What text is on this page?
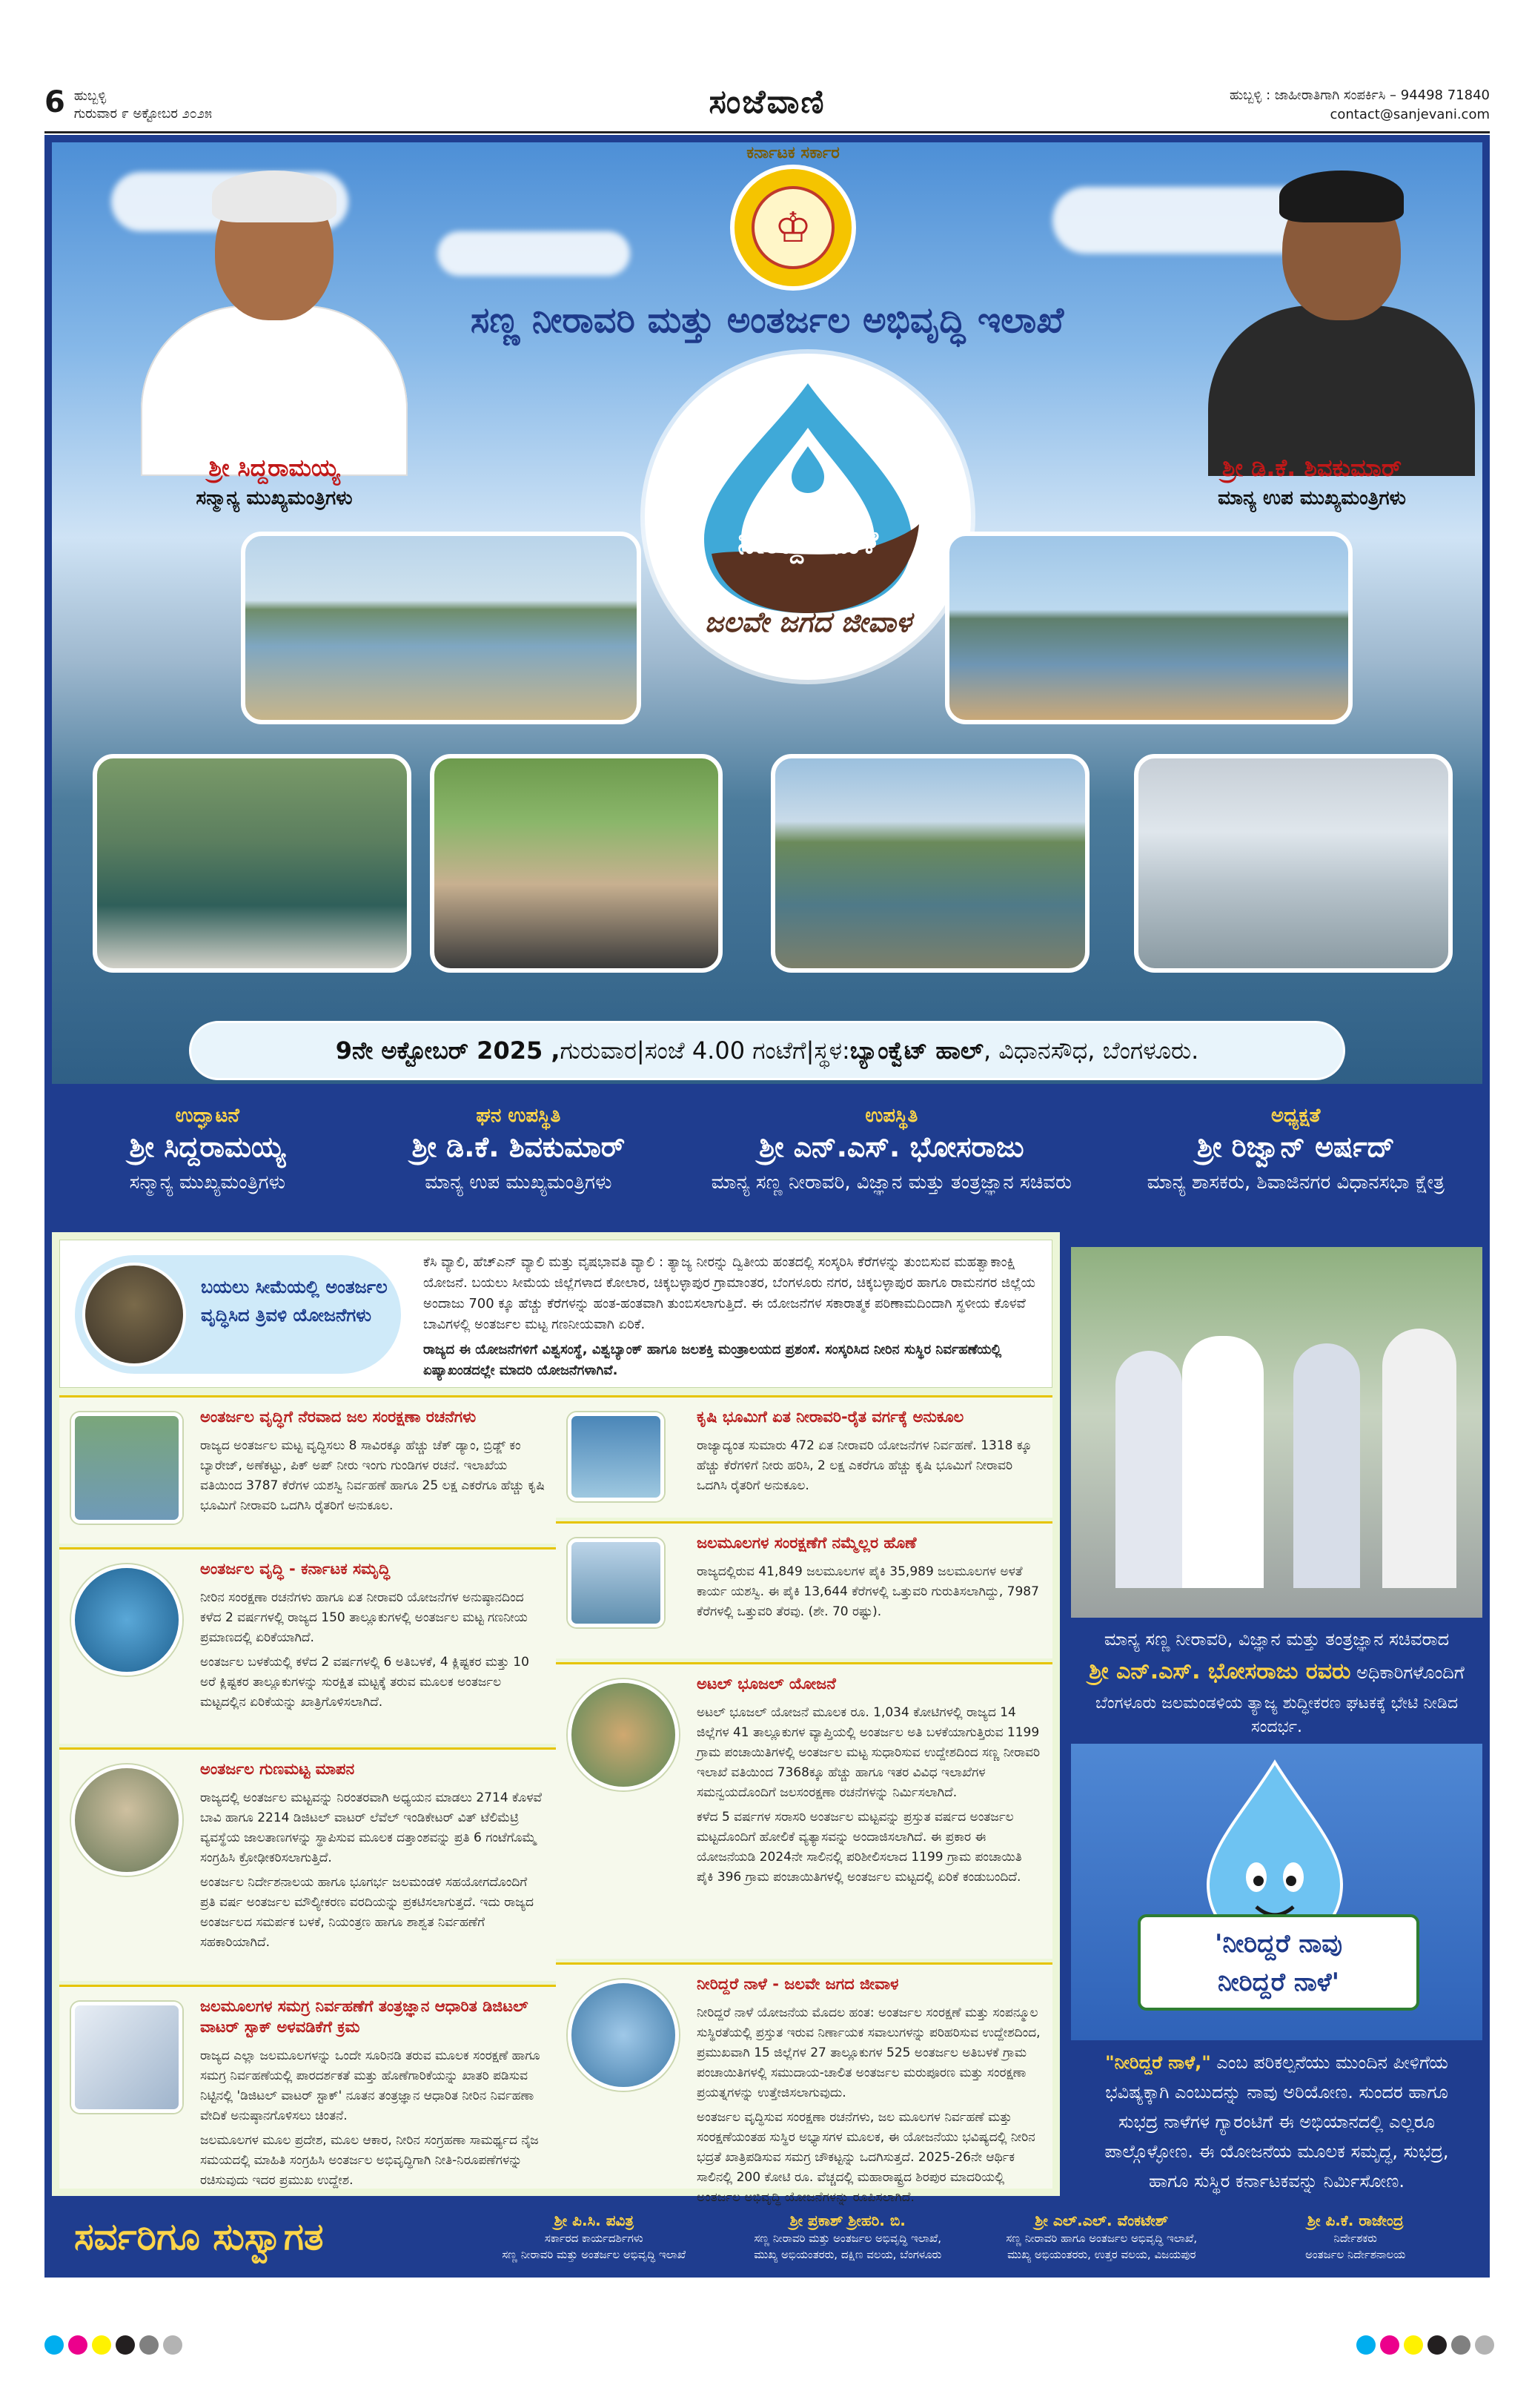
6 ಹುಬ್ಬಳ್ಳಿ
ಗುರುವಾರ ೯ ಅಕ್ಟೋಬರ ೨೦೨೫	ಸಂಜೆವಾಣಿ	ಹುಬ್ಬಳ್ಳಿ : ಜಾಹೀರಾತಿಗಾಗಿ ಸಂಪರ್ಕಿಸಿ – 94498 71840
contact@sanjevani.com
♔
ಕರ್ನಾಟಕ ಸರ್ಕಾರ
ಸಣ್ಣ ನೀರಾವರಿ ಮತ್ತು ಅಂತರ್ಜಲ ಅಭಿವೃದ್ಧಿ ಇಲಾಖೆ
ಶ್ರೀ ಸಿದ್ದರಾಮಯ್ಯ
ಸನ್ಮಾನ್ಯ ಮುಖ್ಯಮಂತ್ರಿಗಳು
ಶ್ರೀ ಡಿ.ಕೆ. ಶಿವಕುಮಾರ್
ಮಾನ್ಯ ಉಪ ಮುಖ್ಯಮಂತ್ರಿಗಳು
ನೀರಿದ್ದರೆ ನಾಳೆ
ಜಲವೇ ಜಗದ ಜೀವಾಳ
9ನೇ ಅಕ್ಟೋಬರ್ 2025 , ಗುರುವಾರ | ಸಂಜೆ 4.00 ಗಂಟೆಗೆ | ಸ್ಥಳ: ಬ್ಯಾಂಕ್ವೆಟ್ ಹಾಲ್ , ವಿಧಾನಸೌಧ, ಬೆಂಗಳೂರು.
ಉದ್ಘಾಟನೆ
ಶ್ರೀ ಸಿದ್ದರಾಮಯ್ಯ
ಸನ್ಮಾನ್ಯ ಮುಖ್ಯಮಂತ್ರಿಗಳು
ಘನ ಉಪಸ್ಥಿತಿ
ಶ್ರೀ ಡಿ.ಕೆ. ಶಿವಕುಮಾರ್
ಮಾನ್ಯ ಉಪ ಮುಖ್ಯಮಂತ್ರಿಗಳು
ಉಪಸ್ಥಿತಿ
ಶ್ರೀ ಎನ್.ಎಸ್. ಭೋಸರಾಜು
ಮಾನ್ಯ ಸಣ್ಣ ನೀರಾವರಿ, ವಿಜ್ಞಾನ ಮತ್ತು ತಂತ್ರಜ್ಞಾನ ಸಚಿವರು
ಅಧ್ಯಕ್ಷತೆ
ಶ್ರೀ ರಿಜ್ವಾನ್ ಅರ್ಷದ್
ಮಾನ್ಯ ಶಾಸಕರು, ಶಿವಾಜಿನಗರ ವಿಧಾನಸಭಾ ಕ್ಷೇತ್ರ
ಬಯಲು ಸೀಮೆಯಲ್ಲಿ ಅಂತರ್ಜಲ ವೃದ್ಧಿಸಿದ ತ್ರಿವಳಿ ಯೋಜನೆಗಳು

ಕೆಸಿ ವ್ಯಾಲಿ, ಹೆಚ್‌ಎನ್ ವ್ಯಾಲಿ ಮತ್ತು ವೃಷಭಾವತಿ ವ್ಯಾಲಿ : ತ್ಯಾಜ್ಯ ನೀರನ್ನು ದ್ವಿತೀಯ ಹಂತದಲ್ಲಿ ಸಂಸ್ಕರಿಸಿ ಕೆರೆಗಳನ್ನು ತುಂಬಿಸುವ ಮಹತ್ವಾಕಾಂಕ್ಷಿ ಯೋಜನೆ. ಬಯಲು ಸೀಮೆಯ ಜಿಲ್ಲೆಗಳಾದ ಕೋಲಾರ, ಚಿಕ್ಕಬಳ್ಳಾಪುರ ಗ್ರಾಮಾಂತರ, ಬೆಂಗಳೂರು ನಗರ, ಚಿಕ್ಕಬಳ್ಳಾಪುರ ಹಾಗೂ ರಾಮನಗರ ಜಿಲ್ಲೆಯ ಅಂದಾಜು 700 ಕ್ಕೂ ಹೆಚ್ಚು ಕೆರೆಗಳನ್ನು ಹಂತ-ಹಂತವಾಗಿ ತುಂಬಿಸಲಾಗುತ್ತಿದೆ. ಈ ಯೋಜನೆಗಳ ಸಕಾರಾತ್ಮಕ ಪರಿಣಾಮದಿಂದಾಗಿ ಸ್ಥಳೀಯ ಕೊಳವೆ ಬಾವಿಗಳಲ್ಲಿ ಅಂತರ್ಜಲ ಮಟ್ಟ ಗಣನೀಯವಾಗಿ ಏರಿಕೆ.

ರಾಜ್ಯದ ಈ ಯೋಜನೆಗಳಿಗೆ ವಿಶ್ವಸಂಸ್ಥೆ, ವಿಶ್ವಬ್ಯಾಂಕ್ ಹಾಗೂ ಜಲಶಕ್ತಿ ಮಂತ್ರಾಲಯದ ಪ್ರಶಂಸೆ. ಸಂಸ್ಕರಿಸಿದ ನೀರಿನ ಸುಸ್ಥಿರ ನಿರ್ವಹಣೆಯಲ್ಲಿ ಏಷ್ಯಾಖಂಡದಲ್ಲೇ ಮಾದರಿ ಯೋಜನೆಗಳಾಗಿವೆ.

ಅಂತರ್ಜಲ ವೃದ್ಧಿಗೆ ನೆರವಾದ ಜಲ ಸಂರಕ್ಷಣಾ ರಚನೆಗಳು

ರಾಜ್ಯದ ಅಂತರ್ಜಲ ಮಟ್ಟ ವೃದ್ಧಿಸಲು 8 ಸಾವಿರಕ್ಕೂ ಹೆಚ್ಚು ಚೆಕ್ ಡ್ಯಾಂ, ಬ್ರಿಡ್ಜ್ ಕಂ ಬ್ಯಾರೇಜ್, ಅಣೆಕಟ್ಟು, ಪಿಕ್ ಅಪ್ ನೀರು ಇಂಗು ಗುಂಡಿಗಳ ರಚನೆ. ಇಲಾಖೆಯ ವತಿಯಿಂದ 3787 ಕೆರೆಗಳ ಯಶಸ್ವಿ ನಿರ್ವಹಣೆ ಹಾಗೂ 25 ಲಕ್ಷ ಎಕರೆಗೂ ಹೆಚ್ಚು ಕೃಷಿ ಭೂಮಿಗೆ ನೀರಾವರಿ ಒದಗಿಸಿ ರೈತರಿಗೆ ಅನುಕೂಲ.

ಅಂತರ್ಜಲ ವೃದ್ಧಿ - ಕರ್ನಾಟಕ ಸಮೃದ್ಧಿ

ನೀರಿನ ಸಂರಕ್ಷಣಾ ರಚನೆಗಳು ಹಾಗೂ ಏತ ನೀರಾವರಿ ಯೋಜನೆಗಳ ಅನುಷ್ಠಾನದಿಂದ ಕಳೆದ 2 ವರ್ಷಗಳಲ್ಲಿ ರಾಜ್ಯದ 150 ತಾಲ್ಲೂಕುಗಳಲ್ಲಿ ಅಂತರ್ಜಲ ಮಟ್ಟ ಗಣನೀಯ ಪ್ರಮಾಣದಲ್ಲಿ ಏರಿಕೆಯಾಗಿದೆ.

ಅಂತರ್ಜಲ ಬಳಕೆಯಲ್ಲಿ ಕಳೆದ 2 ವರ್ಷಗಳಲ್ಲಿ 6 ಅತಿಬಳಕೆ, 4 ಕ್ಲಿಷ್ಟಕರ ಮತ್ತು 10 ಅರೆ ಕ್ಲಿಷ್ಟಕರ ತಾಲ್ಲೂಕುಗಳನ್ನು ಸುರಕ್ಷಿತ ಮಟ್ಟಕ್ಕೆ ತರುವ ಮೂಲಕ ಅಂತರ್ಜಲ ಮಟ್ಟದಲ್ಲಿನ ಏರಿಕೆಯನ್ನು ಖಾತ್ರಿಗೊಳಿಸಲಾಗಿದೆ.

ಅಂತರ್ಜಲ ಗುಣಮಟ್ಟ ಮಾಪನ

ರಾಜ್ಯದಲ್ಲಿ ಅಂತರ್ಜಲ ಮಟ್ಟವನ್ನು ನಿರಂತರವಾಗಿ ಅಧ್ಯಯನ ಮಾಡಲು 2714 ಕೊಳವೆ ಬಾವಿ ಹಾಗೂ 2214 ಡಿಜಿಟಲ್ ವಾಟರ್ ಲೆವೆಲ್ ಇಂಡಿಕೇಟರ್ ವಿತ್ ಟೆಲಿಮೆಟ್ರಿ ವ್ಯವಸ್ಥೆಯ ಜಾಲತಾಣಗಳನ್ನು ಸ್ಥಾಪಿಸುವ ಮೂಲಕ ದತ್ತಾಂಶವನ್ನು ಪ್ರತಿ 6 ಗಂಟೆಗೊಮ್ಮೆ ಸಂಗ್ರಹಿಸಿ ಕ್ರೋಢೀಕರಿಸಲಾಗುತ್ತಿದೆ.

ಅಂತರ್ಜಲ ನಿರ್ದೇಶನಾಲಯ ಹಾಗೂ ಭೂಗರ್ಭ ಜಲಮಂಡಳಿ ಸಹಯೋಗದೊಂದಿಗೆ ಪ್ರತಿ ವರ್ಷ ಅಂತರ್ಜಲ ಮೌಲ್ಯೀಕರಣ ವರದಿಯನ್ನು ಪ್ರಕಟಿಸಲಾಗುತ್ತದೆ. ಇದು ರಾಜ್ಯದ ಅಂತರ್ಜಲದ ಸಮರ್ಪಕ ಬಳಕೆ, ನಿಯಂತ್ರಣ ಹಾಗೂ ಶಾಶ್ವತ ನಿರ್ವಹಣೆಗೆ ಸಹಕಾರಿಯಾಗಿದೆ.

ಜಲಮೂಲಗಳ ಸಮಗ್ರ ನಿರ್ವಹಣೆಗೆ ತಂತ್ರಜ್ಞಾನ ಆಧಾರಿತ ಡಿಜಿಟಲ್ ವಾಟರ್ ಸ್ಟಾಕ್ ಅಳವಡಿಕೆಗೆ ಕ್ರಮ

ರಾಜ್ಯದ ಎಲ್ಲಾ ಜಲಮೂಲಗಳನ್ನು ಒಂದೇ ಸೂರಿನಡಿ ತರುವ ಮೂಲಕ ಸಂರಕ್ಷಣೆ ಹಾಗೂ ಸಮಗ್ರ ನಿರ್ವಹಣೆಯಲ್ಲಿ ಪಾರದರ್ಶಕತೆ ಮತ್ತು ಹೊಣೆಗಾರಿಕೆಯನ್ನು ಖಾತರಿ ಪಡಿಸುವ ನಿಟ್ಟಿನಲ್ಲಿ 'ಡಿಜಿಟಲ್ ವಾಟರ್ ಸ್ಟಾಕ್' ನೂತನ ತಂತ್ರಜ್ಞಾನ ಆಧಾರಿತ ನೀರಿನ ನಿರ್ವಹಣಾ ವೇದಿಕೆ ಅನುಷ್ಠಾನಗೊಳಿಸಲು ಚಿಂತನೆ.

ಜಲಮೂಲಗಳ ಮೂಲ ಪ್ರದೇಶ, ಮೂಲ ಆಕಾರ, ನೀರಿನ ಸಂಗ್ರಹಣಾ ಸಾಮರ್ಥ್ಯದ ನೈಜ ಸಮಯದಲ್ಲಿ ಮಾಹಿತಿ ಸಂಗ್ರಹಿಸಿ ಅಂತರ್ಜಲ ಅಭಿವೃದ್ಧಿಗಾಗಿ ನೀತಿ-ನಿರೂಪಣೆಗಳನ್ನು ರಚಿಸುವುದು ಇದರ ಪ್ರಮುಖ ಉದ್ದೇಶ.

ಕೃಷಿ ಭೂಮಿಗೆ ಏತ ನೀರಾವರಿ-ರೈತ ವರ್ಗಕ್ಕೆ ಅನುಕೂಲ

ರಾಜ್ಯಾದ್ಯಂತ ಸುಮಾರು 472 ಏತ ನೀರಾವರಿ ಯೋಜನೆಗಳ ನಿರ್ವಹಣೆ. 1318 ಕ್ಕೂ ಹೆಚ್ಚು ಕೆರೆಗಳಿಗೆ ನೀರು ಹರಿಸಿ, 2 ಲಕ್ಷ ಎಕರೆಗೂ ಹೆಚ್ಚು ಕೃಷಿ ಭೂಮಿಗೆ ನೀರಾವರಿ ಒದಗಿಸಿ ರೈತರಿಗೆ ಅನುಕೂಲ.

ಜಲಮೂಲಗಳ ಸಂರಕ್ಷಣೆಗೆ ನಮ್ಮೆಲ್ಲರ ಹೊಣೆ

ರಾಜ್ಯದಲ್ಲಿರುವ 41,849 ಜಲಮೂಲಗಳ ಪೈಕಿ 35,989 ಜಲಮೂಲಗಳ ಅಳತೆ ಕಾರ್ಯ ಯಶಸ್ವಿ. ಈ ಪೈಕಿ 13,644 ಕೆರೆಗಳಲ್ಲಿ ಒತ್ತುವರಿ ಗುರುತಿಸಲಾಗಿದ್ದು, 7987 ಕೆರೆಗಳಲ್ಲಿ ಒತ್ತುವರಿ ತೆರವು. (ಶೇ. 70 ರಷ್ಟು).

ಅಟಲ್ ಭೂಜಲ್ ಯೋಜನೆ

ಅಟಲ್ ಭೂಜಲ್ ಯೋಜನೆ ಮೂಲಕ ರೂ. 1,034 ಕೋಟಿಗಳಲ್ಲಿ ರಾಜ್ಯದ 14 ಜಿಲ್ಲೆಗಳ 41 ತಾಲ್ಲೂಕುಗಳ ವ್ಯಾಪ್ತಿಯಲ್ಲಿ ಅಂತರ್ಜಲ ಅತಿ ಬಳಕೆಯಾಗುತ್ತಿರುವ 1199 ಗ್ರಾಮ ಪಂಚಾಯಿತಿಗಳಲ್ಲಿ ಅಂತರ್ಜಲ ಮಟ್ಟ ಸುಧಾರಿಸುವ ಉದ್ದೇಶದಿಂದ ಸಣ್ಣ ನೀರಾವರಿ ಇಲಾಖೆ ವತಿಯಿಂದ 7368ಕ್ಕೂ ಹೆಚ್ಚು ಹಾಗೂ ಇತರ ವಿವಿಧ ಇಲಾಖೆಗಳ ಸಮನ್ವಯದೊಂದಿಗೆ ಜಲಸಂರಕ್ಷಣಾ ರಚನೆಗಳನ್ನು ನಿರ್ಮಿಸಲಾಗಿದೆ.

ಕಳೆದ 5 ವರ್ಷಗಳ ಸರಾಸರಿ ಅಂತರ್ಜಲ ಮಟ್ಟವನ್ನು ಪ್ರಸ್ತುತ ವರ್ಷದ ಅಂತರ್ಜಲ ಮಟ್ಟದೊಂದಿಗೆ ಹೋಲಿಕೆ ವ್ಯತ್ಯಾಸವನ್ನು ಅಂದಾಜಿಸಲಾಗಿದೆ. ಈ ಪ್ರಕಾರ ಈ ಯೋಜನೆಯಡಿ 2024ನೇ ಸಾಲಿನಲ್ಲಿ ಪರಿಶೀಲಿಸಲಾದ 1199 ಗ್ರಾಮ ಪಂಚಾಯಿತಿ ಪೈಕಿ 396 ಗ್ರಾಮ ಪಂಚಾಯಿತಿಗಳಲ್ಲಿ ಅಂತರ್ಜಲ ಮಟ್ಟದಲ್ಲಿ ಏರಿಕೆ ಕಂಡುಬಂದಿದೆ.

ನೀರಿದ್ದರೆ ನಾಳೆ - ಜಲವೇ ಜಗದ ಜೀವಾಳ

ನೀರಿದ್ದರೆ ನಾಳೆ ಯೋಜನೆಯ ಮೊದಲ ಹಂತ: ಅಂತರ್ಜಲ ಸಂರಕ್ಷಣೆ ಮತ್ತು ಸಂಪನ್ಮೂಲ ಸುಸ್ಥಿರತೆಯಲ್ಲಿ ಪ್ರಸ್ತುತ ಇರುವ ನಿರ್ಣಾಯಕ ಸವಾಲುಗಳನ್ನು ಪರಿಹರಿಸುವ ಉದ್ದೇಶದಿಂದ, ಪ್ರಮುಖವಾಗಿ 15 ಜಿಲ್ಲೆಗಳ 27 ತಾಲ್ಲೂಕುಗಳ 525 ಅಂತರ್ಜಲ ಅತಿಬಳಕೆ ಗ್ರಾಮ ಪಂಚಾಯಿತಿಗಳಲ್ಲಿ ಸಮುದಾಯ-ಚಾಲಿತ ಅಂತರ್ಜಲ ಮರುಪೂರಣ ಮತ್ತು ಸಂರಕ್ಷಣಾ ಪ್ರಯತ್ನಗಳನ್ನು ಉತ್ತೇಜಿಸಲಾಗುವುದು.

ಅಂತರ್ಜಲ ವೃದ್ಧಿಸುವ ಸಂರಕ್ಷಣಾ ರಚನೆಗಳು, ಜಲ ಮೂಲಗಳ ನಿರ್ವಹಣೆ ಮತ್ತು ಸಂರಕ್ಷಣೆಯಂತಹ ಸುಸ್ಥಿರ ಅಭ್ಯಾಸಗಳ ಮೂಲಕ, ಈ ಯೋಜನೆಯು ಭವಿಷ್ಯದಲ್ಲಿ ನೀರಿನ ಭದ್ರತೆ ಖಾತ್ರಿಪಡಿಸುವ ಸಮಗ್ರ ಚೌಕಟ್ಟನ್ನು ಒದಗಿಸುತ್ತದೆ. 2025-26ನೇ ಆರ್ಥಿಕ ಸಾಲಿನಲ್ಲಿ 200 ಕೋಟಿ ರೂ. ವೆಚ್ಚದಲ್ಲಿ ಮಹಾರಾಷ್ಟ್ರದ ಶಿರಪುರ ಮಾದರಿಯಲ್ಲಿ ಅಂತರ್ಜಲ ಅಭಿವೃದ್ಧಿ ಯೋಜನೆಗಳನ್ನು ರೂಪಿಸಲಾಗಿದೆ.

ಮಾನ್ಯ ಸಣ್ಣ ನೀರಾವರಿ, ವಿಜ್ಞಾನ ಮತ್ತು ತಂತ್ರಜ್ಞಾನ ಸಚಿವರಾದ
ಶ್ರೀ ಎನ್.ಎಸ್. ಭೋಸರಾಜು ರವರು ಅಧಿಕಾರಿಗಳೊಂದಿಗೆ
ಬೆಂಗಳೂರು ಜಲಮಂಡಳಿಯ ತ್ಯಾಜ್ಯ ಶುದ್ಧೀಕರಣ ಘಟಕಕ್ಕೆ ಭೇಟಿ ನೀಡಿದ ಸಂದರ್ಭ.
'ನೀರಿದ್ದರೆ ನಾವು
ನೀರಿದ್ದರೆ ನಾಳೆ'
"ನೀರಿದ್ದರೆ ನಾಳೆ," ಎಂಬ ಪರಿಕಲ್ಪನೆಯು ಮುಂದಿನ ಪೀಳಿಗೆಯ ಭವಿಷ್ಯಕ್ಕಾಗಿ ಎಂಬುದನ್ನು ನಾವು ಅರಿಯೋಣ. ಸುಂದರ ಹಾಗೂ ಸುಭದ್ರ ನಾಳೆಗಳ ಗ್ಯಾರಂಟಿಗೆ ಈ ಅಭಿಯಾನದಲ್ಲಿ ಎಲ್ಲರೂ ಪಾಲ್ಗೊಳ್ಳೋಣ. ಈ ಯೋಜನೆಯ ಮೂಲಕ ಸಮೃದ್ಧ, ಸುಭದ್ರ, ಹಾಗೂ ಸುಸ್ಥಿರ ಕರ್ನಾಟಕವನ್ನು ನಿರ್ಮಿಸೋಣ.
ಸರ್ವರಿಗೂ ಸುಸ್ವಾಗತ	ಶ್ರೀ ಪಿ.ಸಿ. ಪವಿತ್ರ
ಸರ್ಕಾರದ ಕಾರ್ಯದರ್ಶಿಗಳು
ಸಣ್ಣ ನೀರಾವರಿ ಮತ್ತು ಅಂತರ್ಜಲ ಅಭಿವೃದ್ಧಿ ಇಲಾಖೆ
ಶ್ರೀ ಪ್ರಕಾಶ್ ಶ್ರೀಹರಿ. ಬಿ.
ಸಣ್ಣ ನೀರಾವರಿ ಮತ್ತು ಅಂತರ್ಜಲ ಅಭಿವೃದ್ಧಿ ಇಲಾಖೆ,
ಮುಖ್ಯ ಅಭಿಯಂತರರು, ದಕ್ಷಿಣ ವಲಯ, ಬೆಂಗಳೂರು
ಶ್ರೀ ಎಲ್.ಎಲ್. ವೆಂಕಟೇಶ್
ಸಣ್ಣ ನೀರಾವರಿ ಹಾಗೂ ಅಂತರ್ಜಲ ಅಭಿವೃದ್ಧಿ ಇಲಾಖೆ,
ಮುಖ್ಯ ಅಭಿಯಂತರರು, ಉತ್ತರ ವಲಯ, ವಿಜಯಪುರ
ಶ್ರೀ ಪಿ.ಕೆ. ರಾಜೇಂದ್ರ
ನಿರ್ದೇಶಕರು
ಅಂತರ್ಜಲ ನಿರ್ದೇಶನಾಲಯ
